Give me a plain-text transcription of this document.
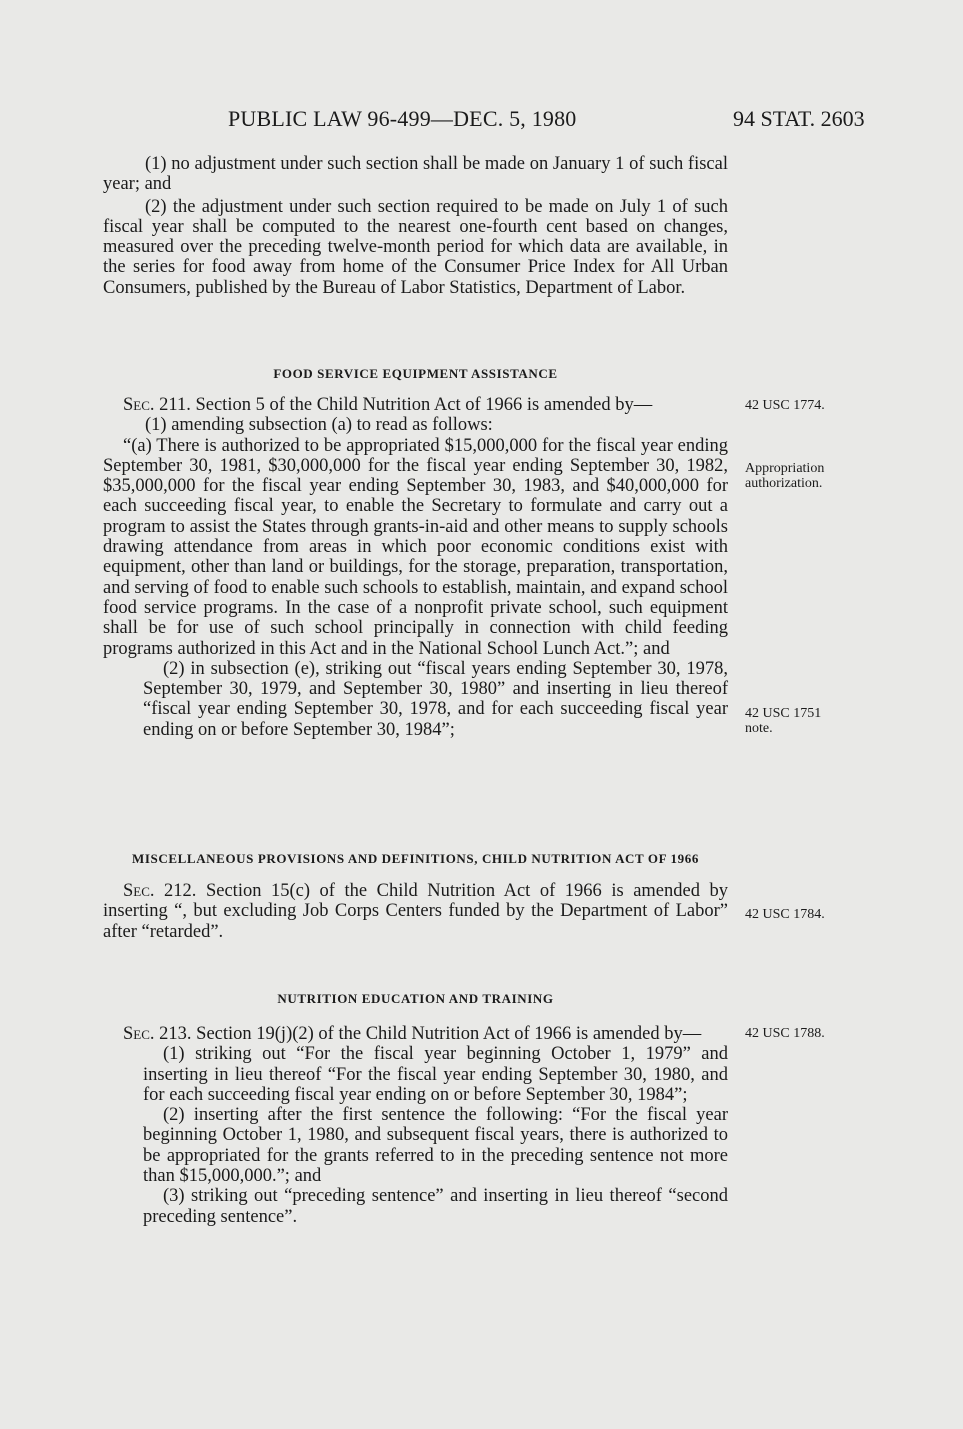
PUBLIC LAW 96-499—DEC. 5, 1980	94 STAT. 2603

(1) no adjustment under such section shall be made on January 1 of such fiscal year; and

(2) the adjustment under such section required to be made on July 1 of such fiscal year shall be computed to the nearest one-fourth cent based on changes, measured over the preceding twelve-month period for which data are available, in the series for food away from home of the Consumer Price Index for All Urban Consumers, published by the Bureau of Labor Statistics, Department of Labor.

FOOD SERVICE EQUIPMENT ASSISTANCE

Sec. 211. Section 5 of the Child Nutrition Act of 1966 is amended by—

(1) amending subsection (a) to read as follows:

“(a) There is authorized to be appropriated $15,000,000 for the fiscal year ending September 30, 1981, $30,000,000 for the fiscal year ending September 30, 1982, $35,000,000 for the fiscal year ending September 30, 1983, and $40,000,000 for each succeeding fiscal year, to enable the Secretary to formulate and carry out a program to assist the States through grants-in-aid and other means to supply schools drawing attendance from areas in which poor economic conditions exist with equipment, other than land or buildings, for the storage, preparation, transportation, and serving of food to enable such schools to establish, maintain, and expand school food service programs. In the case of a nonprofit private school, such equipment shall be for use of such school principally in connection with child feeding programs authorized in this Act and in the National School Lunch Act.”; and

(2) in subsection (e), striking out “fiscal years ending September 30, 1978, September 30, 1979, and September 30, 1980” and inserting in lieu thereof “fiscal year ending September 30, 1978, and for each succeeding fiscal year ending on or before September 30, 1984”;

MISCELLANEOUS PROVISIONS AND DEFINITIONS, CHILD NUTRITION ACT OF 1966

Sec. 212. Section 15(c) of the Child Nutrition Act of 1966 is amended by inserting “, but excluding Job Corps Centers funded by the Department of Labor” after “retarded”.

NUTRITION EDUCATION AND TRAINING

Sec. 213. Section 19(j)(2) of the Child Nutrition Act of 1966 is amended by—

(1) striking out “For the fiscal year beginning October 1, 1979” and inserting in lieu thereof “For the fiscal year ending September 30, 1980, and for each succeeding fiscal year ending on or before September 30, 1984”;

(2) inserting after the first sentence the following: “For the fiscal year beginning October 1, 1980, and subsequent fiscal years, there is authorized to be appropriated for the grants referred to in the preceding sentence not more than $15,000,000.”; and

(3) striking out “preceding sentence” and inserting in lieu thereof “second preceding sentence”.

42 USC 1774.
Appropriation
authorization.
42 USC 1751
note.
42 USC 1784.
42 USC 1788.
